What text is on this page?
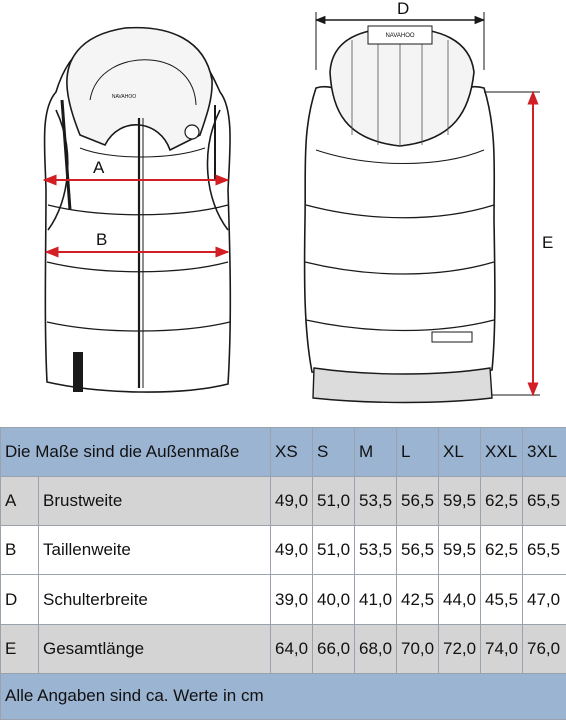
NAVAHOO
A
B
NAVAHOO
D
E
Die Maße sind die Außenmaße		XS	S	M	L	XL	XXL	3XL
A	Brustweite	49,0	51,0	53,5	56,5	59,5	62,5	65,5
B	Taillenweite	49,0	51,0	53,5	56,5	59,5	62,5	65,5
D	Schulterbreite	39,0	40,0	41,0	42,5	44,0	45,5	47,0
E	Gesamtlänge	64,0	66,0	68,0	70,0	72,0	74,0	76,0
Alle Angaben sind ca. Werte in cm								
